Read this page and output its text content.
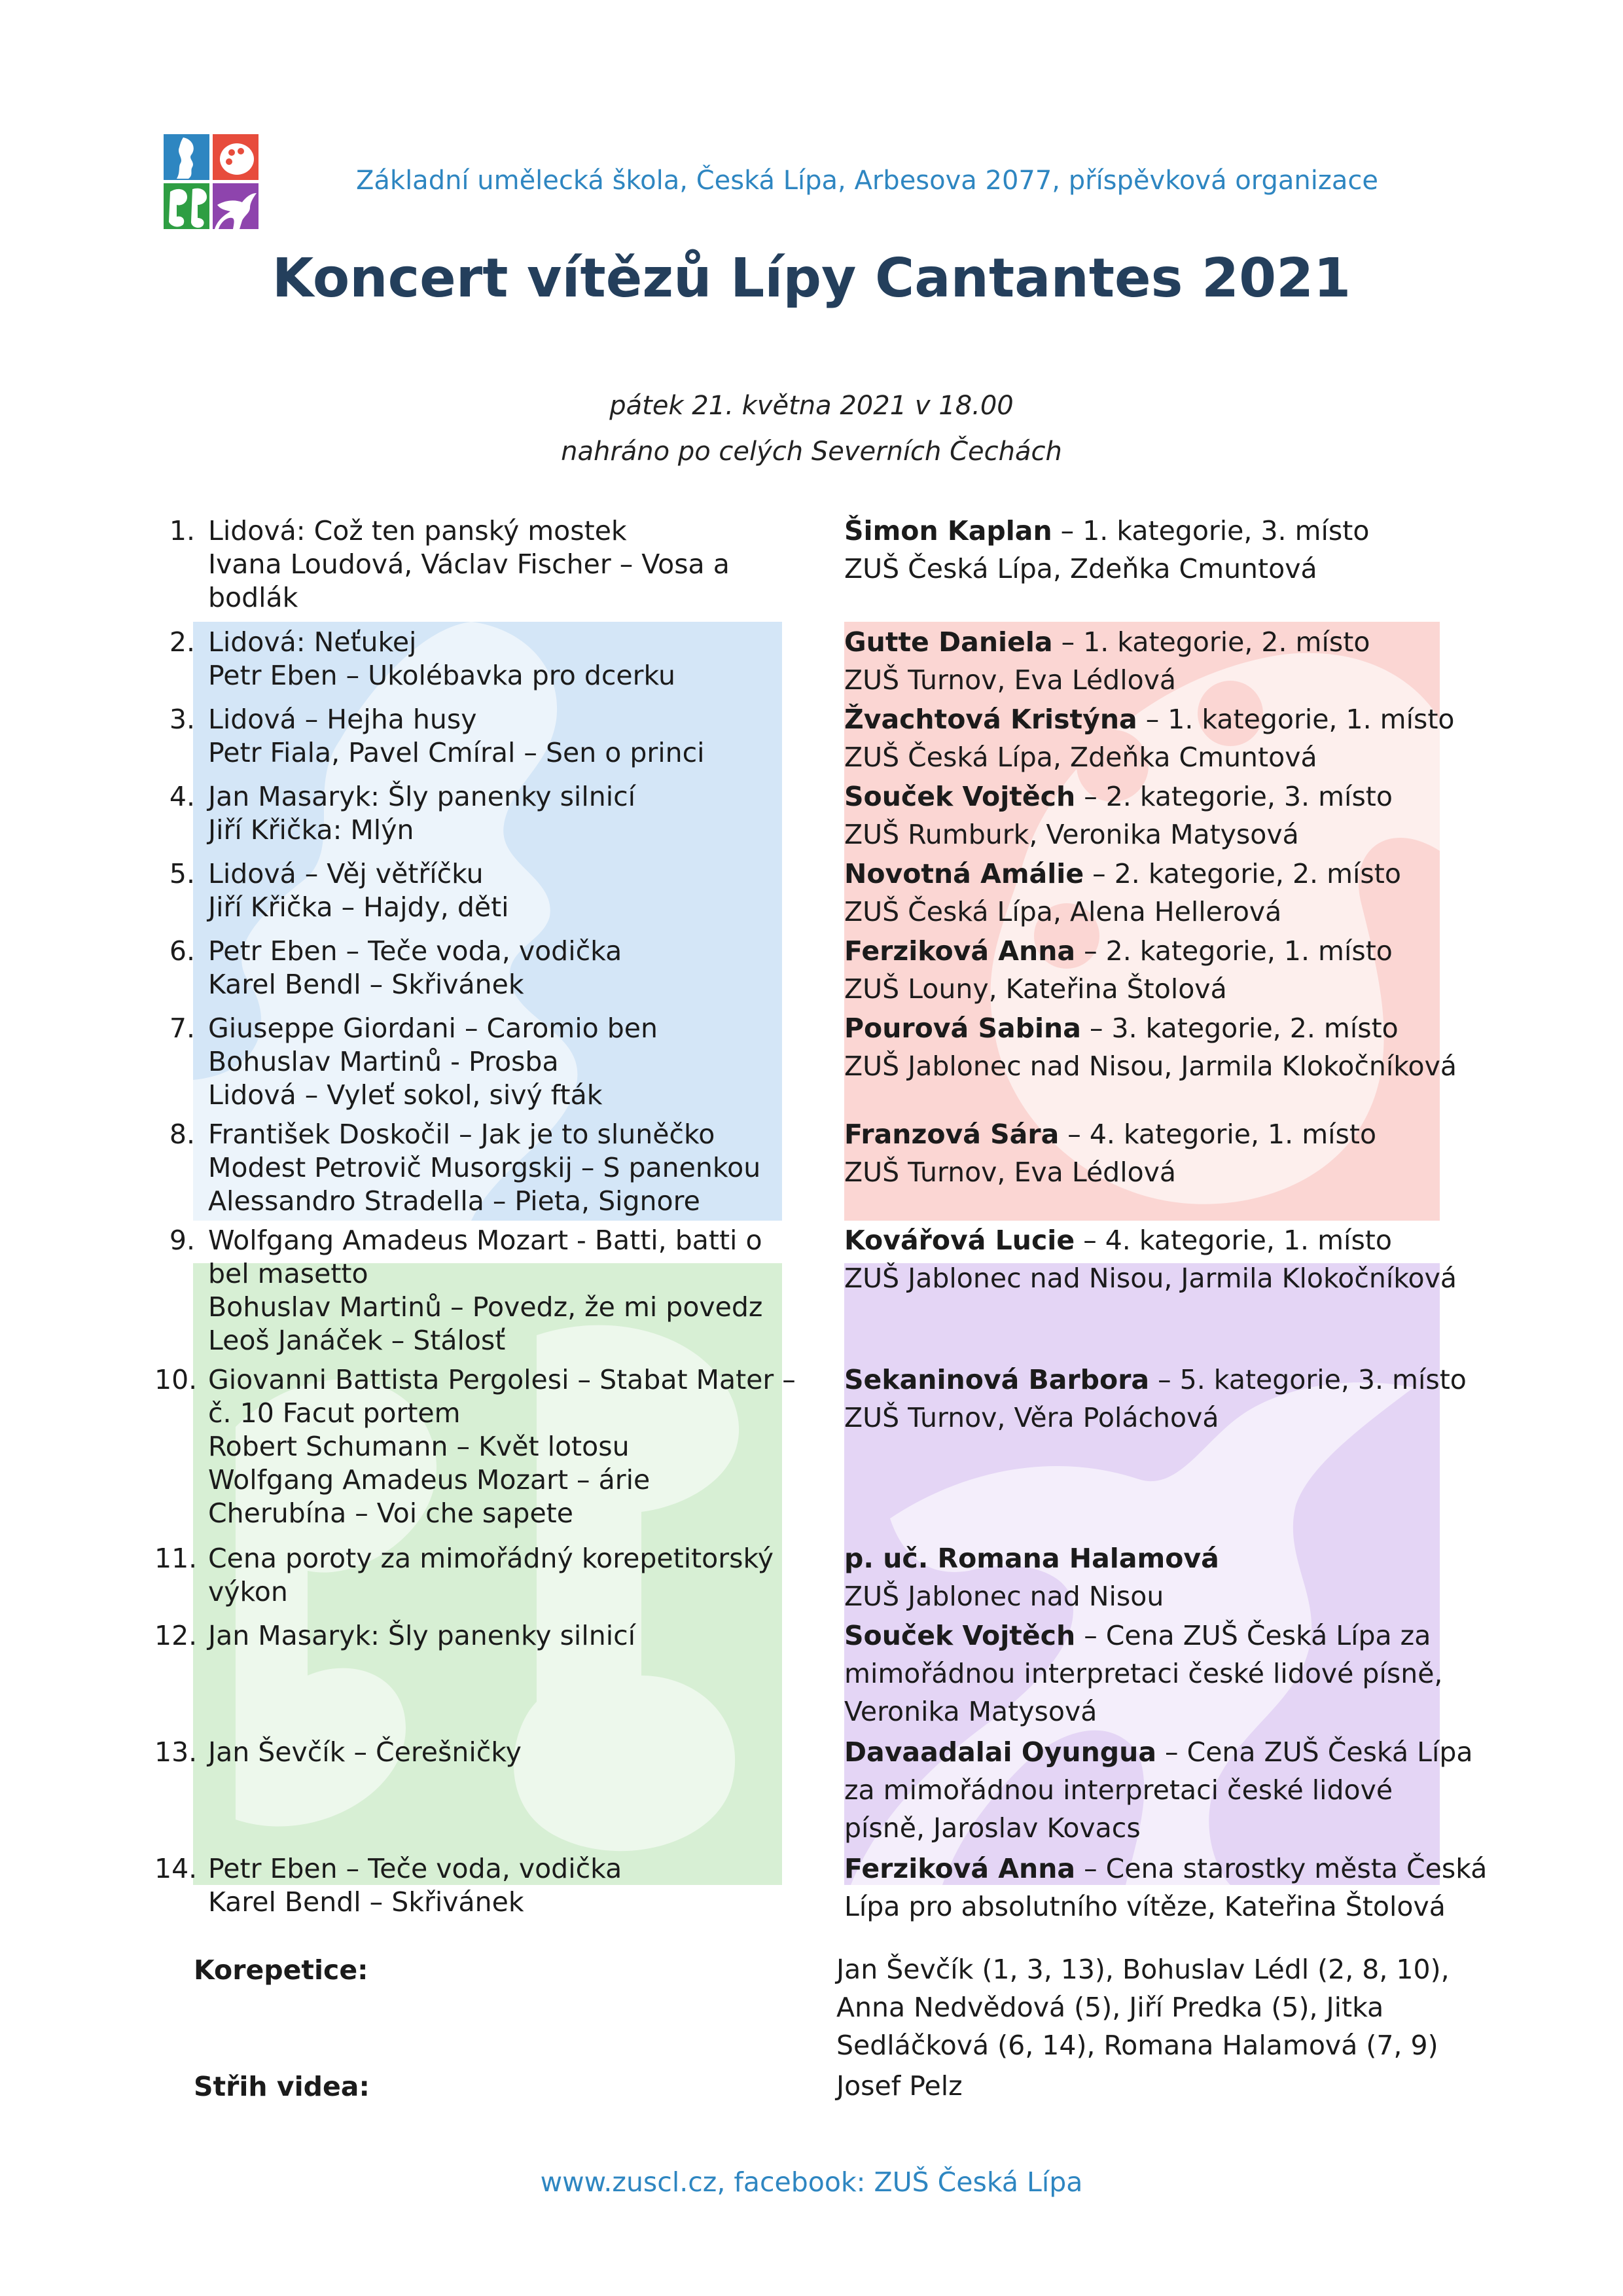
Základní umělecká škola, Česká Lípa, Arbesova 2077, příspěvková organizace
Koncert vítězů Lípy Cantantes 2021
pátek 21. května 2021 v 18.00
nahráno po celých Severních Čechách
1. Lidová: Což ten panský mostek
Ivana Loudová, Václav Fischer – Vosa a
bodlák
2. Lidová: Neťukej
Petr Eben – Ukolébavka pro dcerku
3. Lidová – Hejha husy
Petr Fiala, Pavel Cmíral – Sen o princi
4. Jan Masaryk: Šly panenky silnicí
Jiří Křička: Mlýn
5. Lidová – Věj větříčku
Jiří Křička – Hajdy, děti
6. Petr Eben – Teče voda, vodička
Karel Bendl – Skřivánek
7. Giuseppe Giordani – Caromio ben
Bohuslav Martinů - Prosba
Lidová – Vyleť sokol, sivý fták
8. František Doskočil – Jak je to sluněčko
Modest Petrovič Musorgskij – S panenkou
Alessandro Stradella – Pieta, Signore
9. Wolfgang Amadeus Mozart - Batti, batti o
bel masetto
Bohuslav Martinů – Povedz, že mi povedz
Leoš Janáček – Stálosť
10. Giovanni Battista Pergolesi – Stabat Mater –
č. 10 Facut portem
Robert Schumann – Květ lotosu
Wolfgang Amadeus Mozart – árie
Cherubína – Voi che sapete
11. Cena poroty za mimořádný korepetitorský
výkon
12. Jan Masaryk: Šly panenky silnicí
13. Jan Ševčík – Čerešničky
14. Petr Eben – Teče voda, vodička
Karel Bendl – Skřivánek
Šimon Kaplan – 1. kategorie, 3. místo
ZUŠ Česká Lípa, Zdeňka Cmuntová
Gutte Daniela – 1. kategorie, 2. místo
ZUŠ Turnov, Eva Lédlová
Žvachtová Kristýna – 1. kategorie, 1. místo
ZUŠ Česká Lípa, Zdeňka Cmuntová
Souček Vojtěch – 2. kategorie, 3. místo
ZUŠ Rumburk, Veronika Matysová
Novotná Amálie – 2. kategorie, 2. místo
ZUŠ Česká Lípa, Alena Hellerová
Ferziková Anna – 2. kategorie, 1. místo
ZUŠ Louny, Kateřina Štolová
Pourová Sabina – 3. kategorie, 2. místo
ZUŠ Jablonec nad Nisou, Jarmila Klokočníková
Franzová Sára – 4. kategorie, 1. místo
ZUŠ Turnov, Eva Lédlová
Kovářová Lucie – 4. kategorie, 1. místo
ZUŠ Jablonec nad Nisou, Jarmila Klokočníková
Sekaninová Barbora – 5. kategorie, 3. místo
ZUŠ Turnov, Věra Poláchová
p. uč. Romana Halamová
ZUŠ Jablonec nad Nisou
Souček Vojtěch – Cena ZUŠ Česká Lípa za
mimořádnou interpretaci české lidové písně,
Veronika Matysová
Davaadalai Oyungua – Cena ZUŠ Česká Lípa
za mimořádnou interpretaci české lidové
písně, Jaroslav Kovacs
Ferziková Anna – Cena starostky města Česká
Lípa pro absolutního vítěze, Kateřina Štolová
Korepetice:	Jan Ševčík (1, 3, 13), Bohuslav Lédl (2, 8, 10),
Anna Nedvědová (5), Jiří Predka (5), Jitka
Sedláčková (6, 14), Romana Halamová (7, 9)
Střih videa:	Josef Pelz
www.zuscl.cz, facebook: ZUŠ Česká Lípa
